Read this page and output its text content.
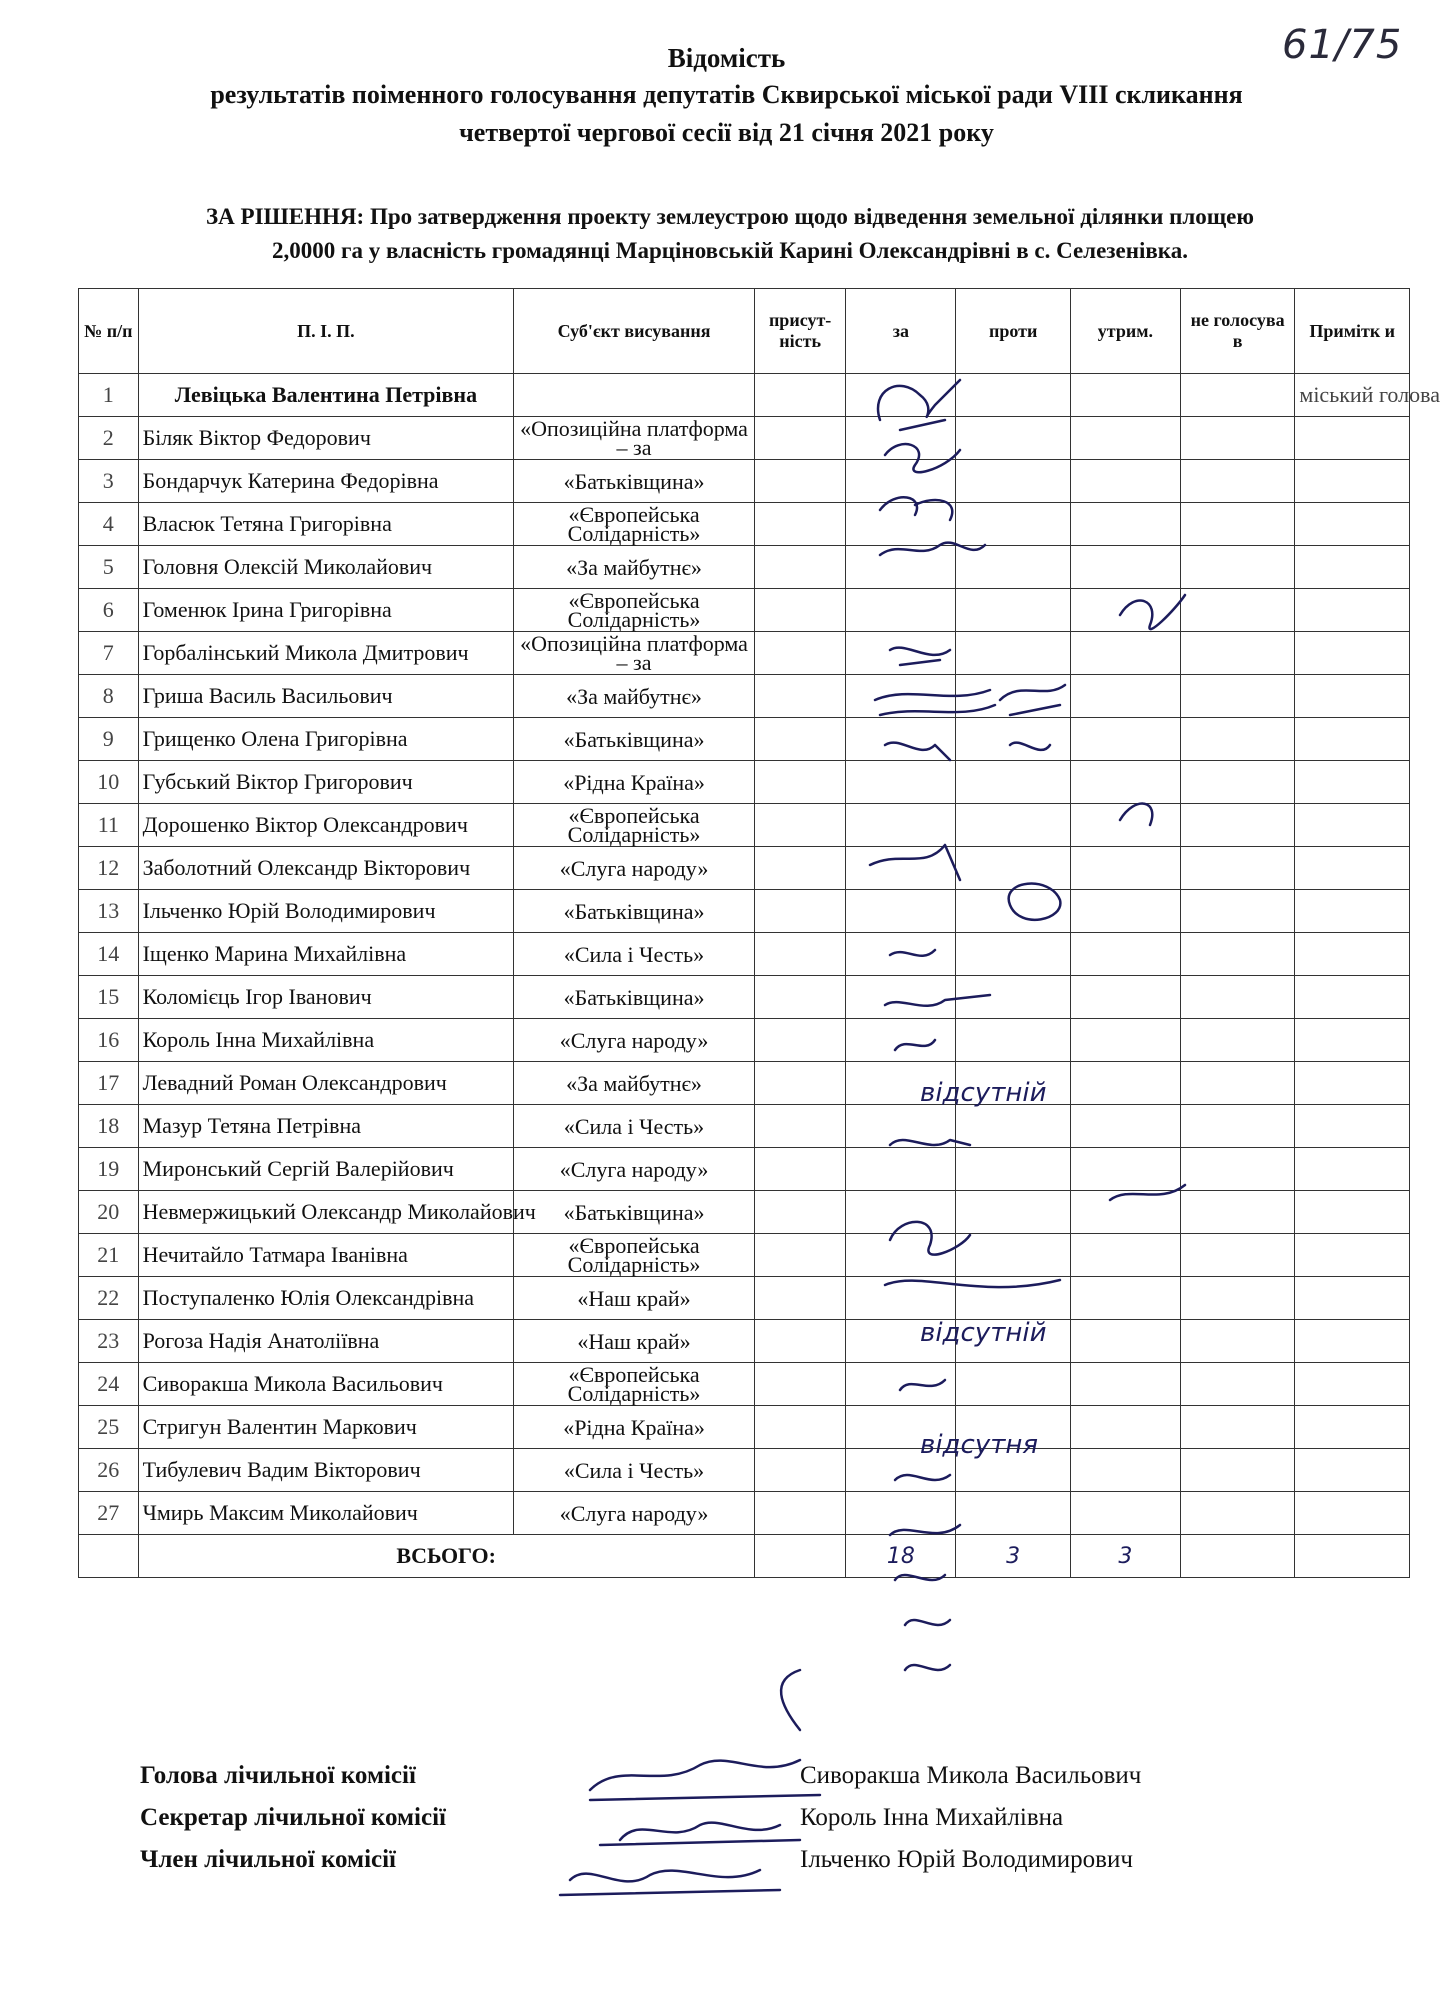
61/75
Відомість
результатів поіменного голосування депутатів Сквирської міської ради VIII скликання
четвертої чергової сесії від 21 січня 2021 року
ЗА РІШЕННЯ: Про затвердження проекту землеустрою щодо відведення земельної ділянки площею
2,0000 га у власність громадянці Марціновській Карині Олександрівні в с. Селезенівка.
№ п/п	П. І. П.	Суб'єкт висування	присут-ність	за	проти	утрим.	не голосува в	Примітк и
1	Левіцька Валентина Петрівна							міський голова
2	Біляк Віктор Федорович	«Опозиційна платформа – за						
3	Бондарчук Катерина Федорівна	«Батьківщина»						
4	Власюк Тетяна Григорівна	«Європейська Солідарність»						
5	Головня Олексій Миколайович	«За майбутнє»						
6	Гоменюк Ірина Григорівна	«Європейська Солідарність»						
7	Горбалінський Микола Дмитрович	«Опозиційна платформа – за						
8	Гриша Василь Васильович	«За майбутнє»						
9	Грищенко Олена Григорівна	«Батьківщина»						
10	Губський Віктор Григорович	«Рідна Країна»						
11	Дорошенко Віктор Олександрович	«Європейська Солідарність»						
12	Заболотний Олександр Вікторович	«Слуга народу»						
13	Ільченко Юрій Володимирович	«Батьківщина»						
14	Іщенко Марина Михайлівна	«Сила і Честь»						
15	Коломієць Ігор Іванович	«Батьківщина»						
16	Король Інна Михайлівна	«Слуга народу»						
17	Левадний Роман Олександрович	«За майбутнє»						
18	Мазур Тетяна Петрівна	«Сила і Честь»						
19	Миронський Сергій Валерійович	«Слуга народу»						
20	Невмержицький Олександр Миколайович	«Батьківщина»						
21	Нечитайло Татмара Іванівна	«Європейська Солідарність»						
22	Поступаленко Юлія Олександрівна	«Наш край»						
23	Рогоза Надія Анатоліївна	«Наш край»						
24	Сиворакша Микола Васильович	«Європейська Солідарність»						
25	Стригун Валентин Маркович	«Рідна Країна»						
26	Тибулевич Вадим Вікторович	«Сила і Честь»						
27	Чмирь Максим Миколайович	«Слуга народу»						
	ВСЬОГО:			18	3	3		
відсутній
відсутній
відсутня
Голова лічильної комісії	Сиворакша Микола Васильович
Секретар лічильної комісії	Король Інна Михайлівна
Член лічильної комісії	Ільченко Юрій Володимирович
